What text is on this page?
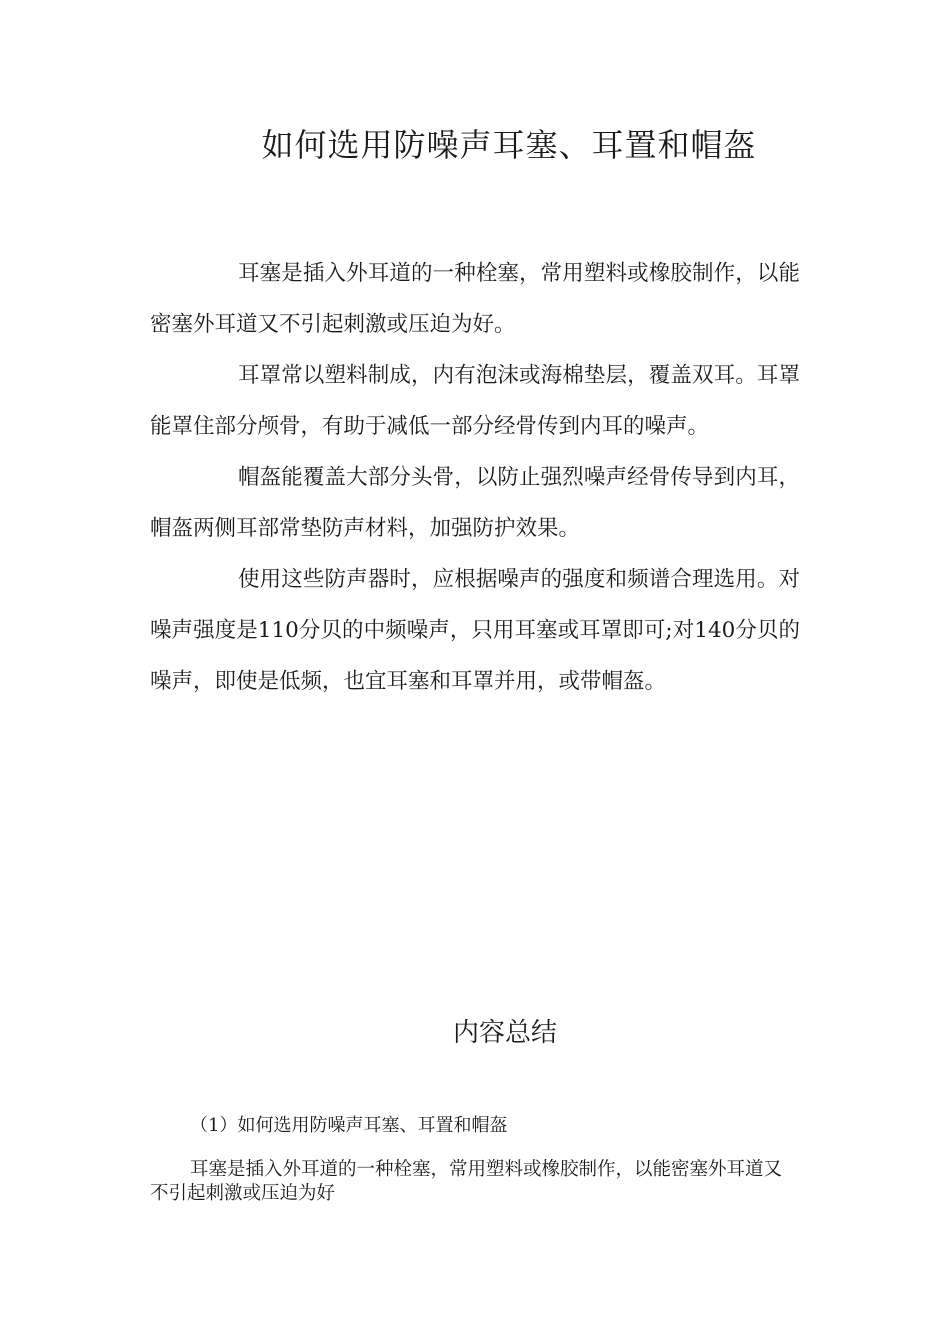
如何选用防噪声耳塞、耳置和帽盔

耳塞是插入外耳道的一种栓塞，常用塑料或橡胶制作，以能密塞外耳道又不引起刺激或压迫为好。

耳罩常以塑料制成，内有泡沫或海棉垫层，覆盖双耳。耳罩能罩住部分颅骨，有助于减低一部分经骨传到内耳的噪声。

帽盔能覆盖大部分头骨，以防止强烈噪声经骨传导到内耳，帽盔两侧耳部常垫防声材料，加强防护效果。

使用这些防声器时，应根据噪声的强度和频谱合理选用。对噪声强度是110分贝的中频噪声，只用耳塞或耳罩即可;对140分贝的噪声，即使是低频，也宜耳塞和耳罩并用，或带帽盔。

内容总结
（1）如何选用防噪声耳塞、耳置和帽盔

耳塞是插入外耳道的一种栓塞，常用塑料或橡胶制作，以能密塞外耳道又不引起刺激或压迫为好
